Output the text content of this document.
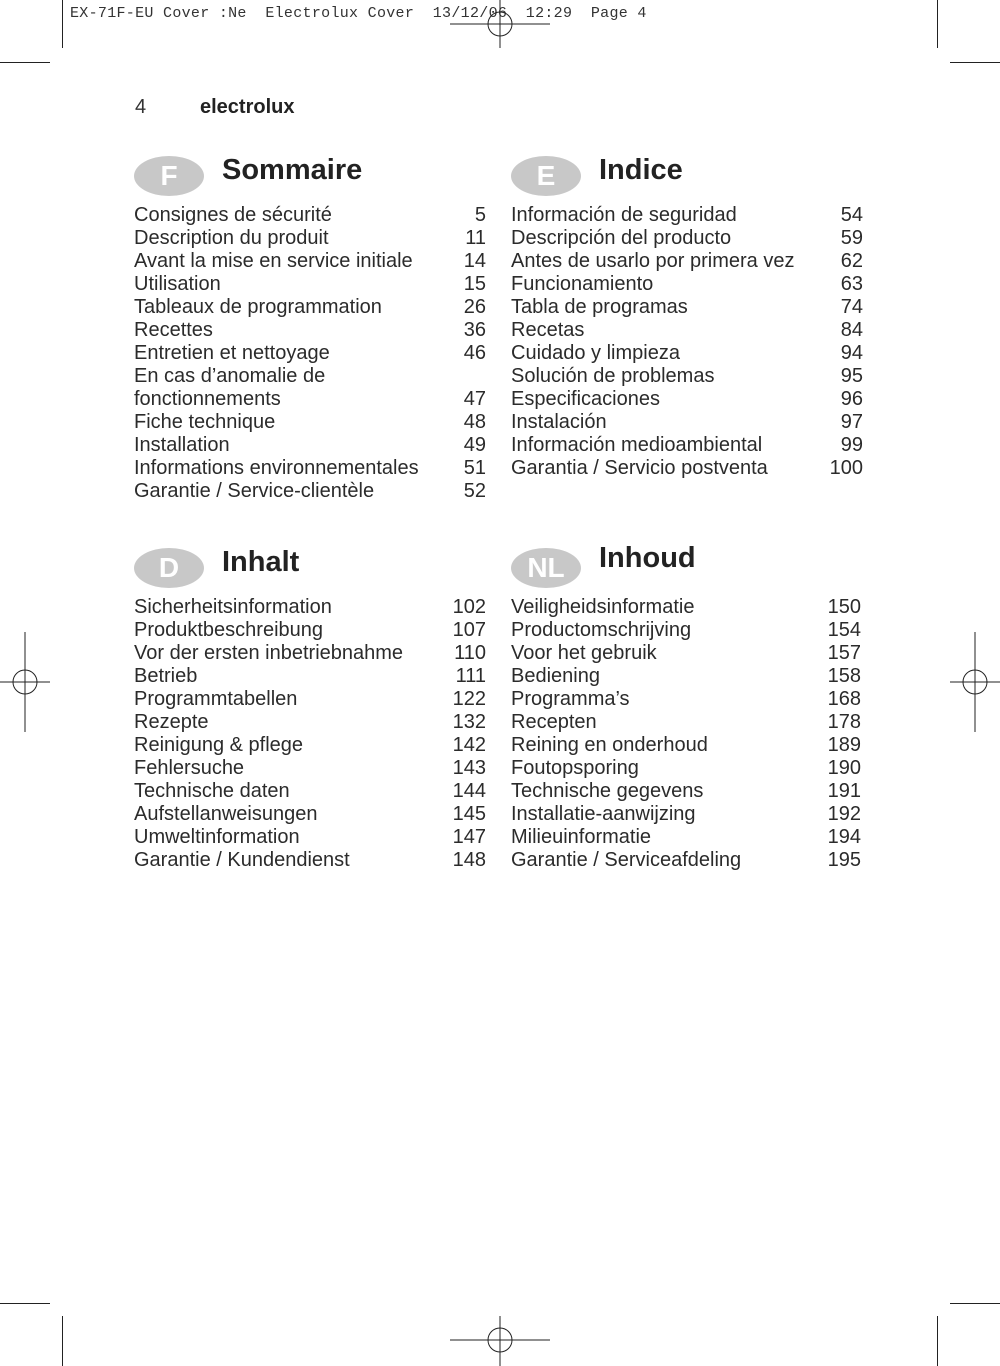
EX-71F-EU Cover :Ne  Electrolux Cover  13/12/06  12:29  Page 4
4	electrolux
F	Sommaire
Consignes de sécurité	5
Description du produit	11
Avant la mise en service initiale	14
Utilisation	15
Tableaux de programmation	26
Recettes	36
Entretien et nettoyage	46
En cas d’anomalie de
fonctionnements	47
Fiche technique	48
Installation	49
Informations environnementales	51
Garantie / Service-clientèle	52
E	Indice
Información de seguridad	54
Descripción del producto	59
Antes de usarlo por primera vez	62
Funcionamiento	63
Tabla de programas	74
Recetas	84
Cuidado y limpieza	94
Solución de problemas	95
Especificaciones	96
Instalación	97
Información medioambiental	99
Garantia / Servicio postventa	100
D	Inhalt
Sicherheitsinformation	102
Produktbeschreibung	107
Vor der ersten inbetriebnahme	110
Betrieb	111
Programmtabellen	122
Rezepte	132
Reinigung & pflege	142
Fehlersuche	143
Technische daten	144
Aufstellanweisungen	145
Umweltinformation	147
Garantie / Kundendienst	148
NL	Inhoud
Veiligheidsinformatie	150
Productomschrijving	154
Voor het gebruik	157
Bediening	158
Programma’s	168
Recepten	178
Reining en onderhoud	189
Foutopsporing	190
Technische gegevens	191
Installatie-aanwijzing	192
Milieuinformatie	194
Garantie / Serviceafdeling	195
